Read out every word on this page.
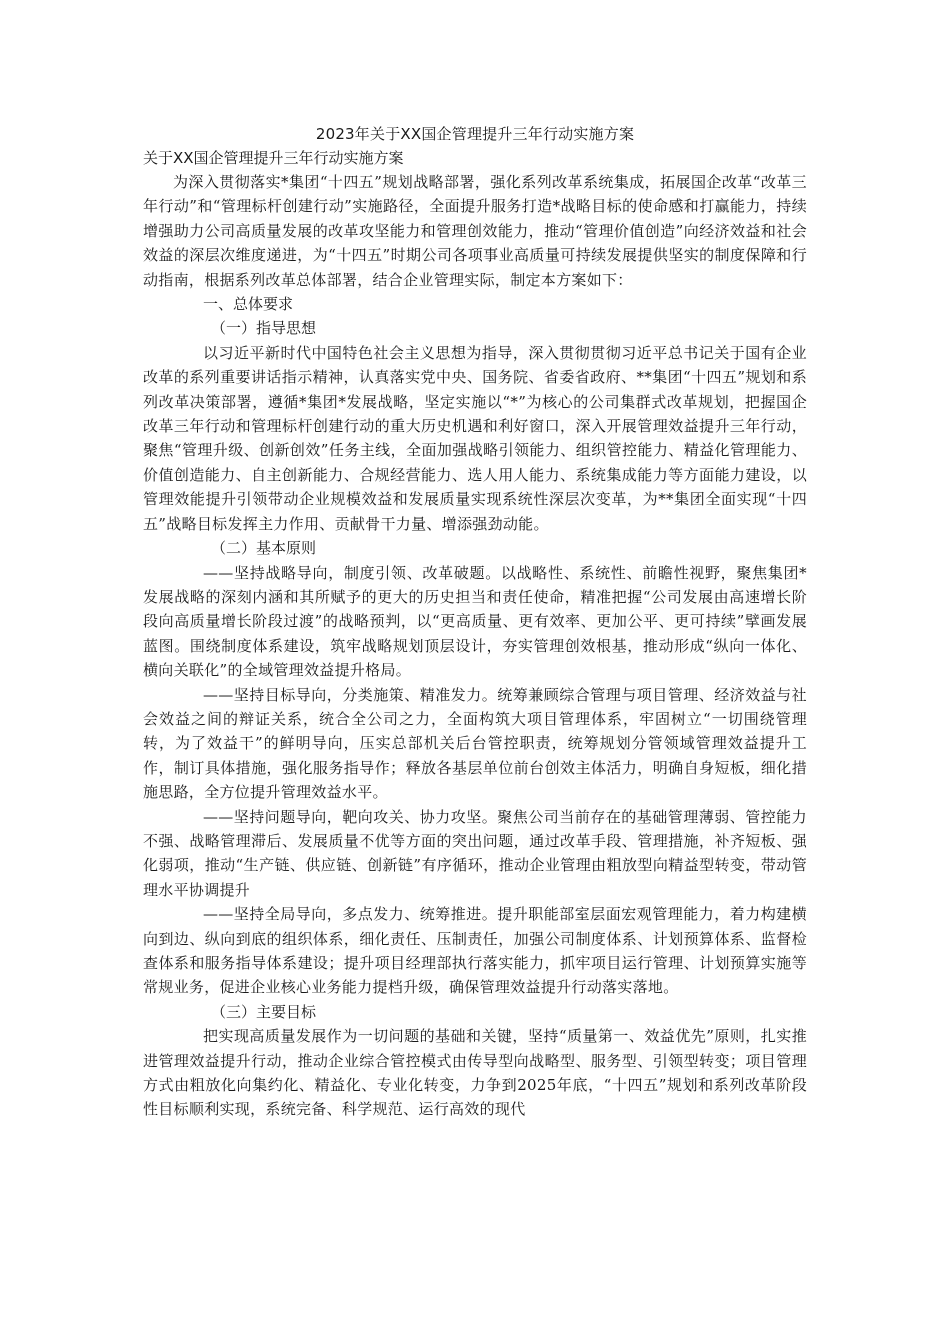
2023年关于XX国企管理提升三年行动实施方案
关于XX国企管理提升三年行动实施方案

为深入贯彻落实*集团“十四五”规划战略部署，强化系列改革系统集成，拓展国企改革“改革三年行动”和“管理标杆创建行动”实施路径，全面提升服务打造*战略目标的使命感和打赢能力，持续增强助力公司高质量发展的改革攻坚能力和管理创效能力，推动“管理价值创造”向经济效益和社会效益的深层次维度递进，为“十四五”时期公司各项事业高质量可持续发展提供坚实的制度保障和行动指南，根据系列改革总体部署，结合企业管理实际，制定本方案如下：

一、总体要求
（一）指导思想

以习近平新时代中国特色社会主义思想为指导，深入贯彻贯彻习近平总书记关于国有企业改革的系列重要讲话指示精神，认真落实党中央、国务院、省委省政府、**集团“十四五”规划和系列改革决策部署，遵循*集团*发展战略，坚定实施以“*”为核心的公司集群式改革规划，把握国企改革三年行动和管理标杆创建行动的重大历史机遇和利好窗口，深入开展管理效益提升三年行动，聚焦“管理升级、创新创效”任务主线，全面加强战略引领能力、组织管控能力、精益化管理能力、价值创造能力、自主创新能力、合规经营能力、选人用人能力、系统集成能力等方面能力建设，以管理效能提升引领带动企业规模效益和发展质量实现系统性深层次变革，为**集团全面实现“十四五”战略目标发挥主力作用、贡献骨干力量、增添强劲动能。

（二）基本原则

——坚持战略导向，制度引领、改革破题。以战略性、系统性、前瞻性视野，聚焦集团*发展战略的深刻内涵和其所赋予的更大的历史担当和责任使命，精准把握“公司发展由高速增长阶段向高质量增长阶段过渡”的战略预判，以“更高质量、更有效率、更加公平、更可持续”擘画发展蓝图。围绕制度体系建设，筑牢战略规划顶层设计，夯实管理创效根基，推动形成“纵向一体化、横向关联化”的全域管理效益提升格局。

——坚持目标导向，分类施策、精准发力。统筹兼顾综合管理与项目管理、经济效益与社会效益之间的辩证关系，统合全公司之力，全面构筑大项目管理体系，牢固树立“一切围绕管理转，为了效益干”的鲜明导向，压实总部机关后台管控职责，统筹规划分管领域管理效益提升工作，制订具体措施，强化服务指导作；释放各基层单位前台创效主体活力，明确自身短板，细化措施思路，全方位提升管理效益水平。

——坚持问题导向，靶向攻关、协力攻坚。聚焦公司当前存在的基础管理薄弱、管控能力不强、战略管理滞后、发展质量不优等方面的突出问题，通过改革手段、管理措施，补齐短板、强化弱项，推动“生产链、供应链、创新链”有序循环，推动企业管理由粗放型向精益型转变，带动管理水平协调提升

——坚持全局导向，多点发力、统筹推进。提升职能部室层面宏观管理能力，着力构建横向到边、纵向到底的组织体系，细化责任、压制责任，加强公司制度体系、计划预算体系、监督检查体系和服务指导体系建设；提升项目经理部执行落实能力，抓牢项目运行管理、计划预算实施等常规业务，促进企业核心业务能力提档升级，确保管理效益提升行动落实落地。

（三）主要目标

把实现高质量发展作为一切问题的基础和关键，坚持“质量第一、效益优先”原则，扎实推进管理效益提升行动，推动企业综合管控模式由传导型向战略型、服务型、引领型转变；项目管理方式由粗放化向集约化、精益化、专业化转变，力争到2025年底，“十四五”规划和系列改革阶段性目标顺利实现，系统完备、科学规范、运行高效的现代
